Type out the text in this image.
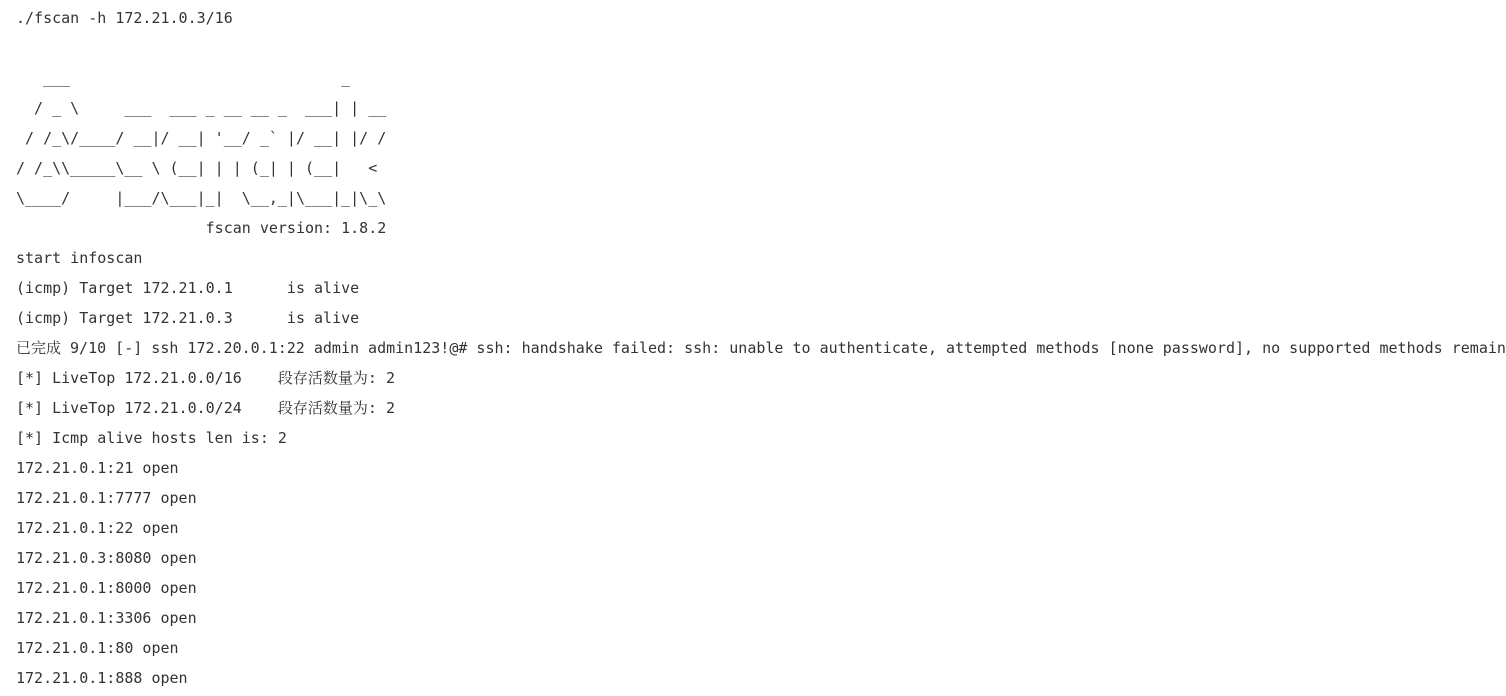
./fscan -h 172.21.0.3/16
___                              _
/ _ \     ___  ___ _ __ __ _  ___| | __
/ /_\/____/ __|/ __| '__/ _` |/ __| |/ /
/ /_\\_____\__ \ (__| | | (_| | (__|   <
\____/     |___/\___|_|  \__,_|\___|_|\_\
fscan version: 1.8.2
start infoscan
(icmp) Target 172.21.0.1      is alive
(icmp) Target 172.21.0.3      is alive
已完成 9/10 [-] ssh 172.20.0.1:22 admin admin123!@# ssh: handshake failed: ssh: unable to authenticate, attempted methods [none password], no supported methods remain
[*] LiveTop 172.21.0.0/16    段存活数量为: 2
[*] LiveTop 172.21.0.0/24    段存活数量为: 2
[*] Icmp alive hosts len is: 2
172.21.0.1:21 open
172.21.0.1:7777 open
172.21.0.1:22 open
172.21.0.3:8080 open
172.21.0.1:8000 open
172.21.0.1:3306 open
172.21.0.1:80 open
172.21.0.1:888 open
